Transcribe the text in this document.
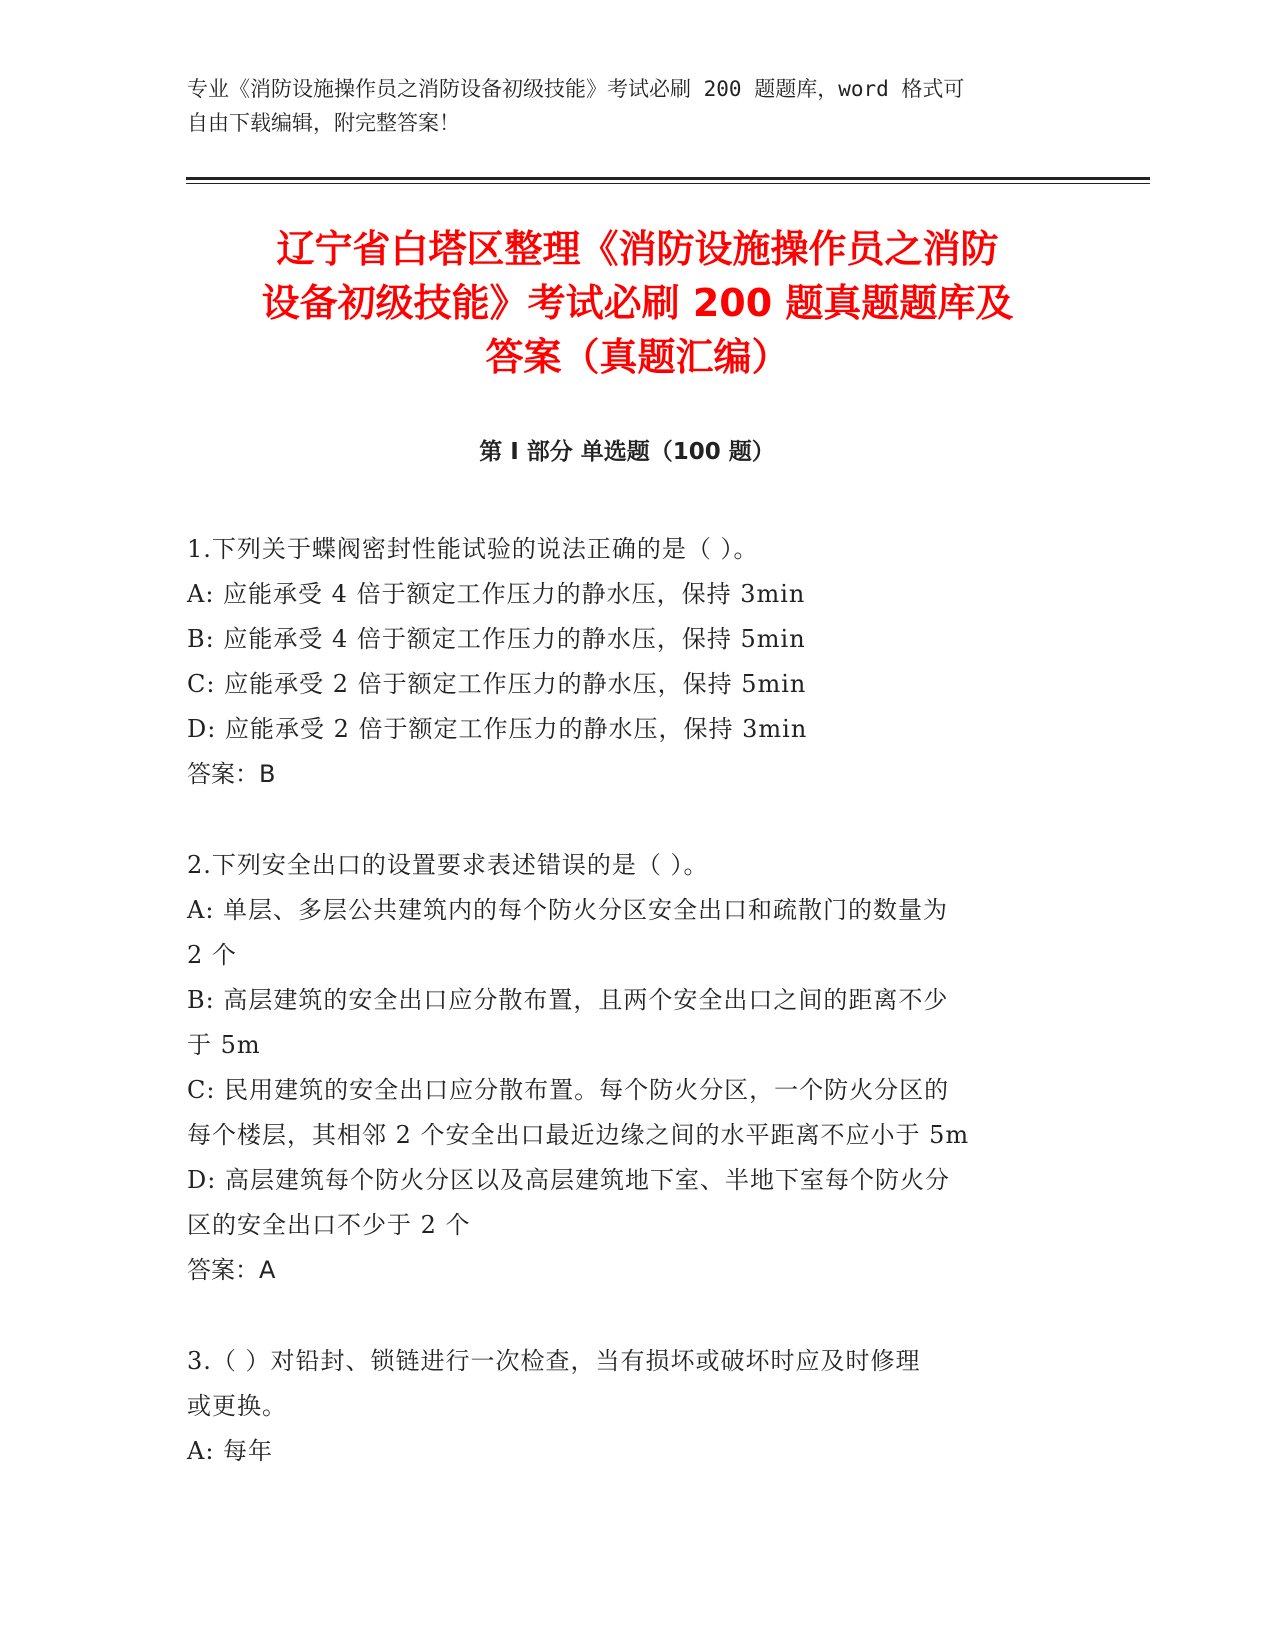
专业《消防设施操作员之消防设备初级技能》考试必刷 200 题题库，word 格式可
自由下载编辑，附完整答案！
辽宁省白塔区整理《消防设施操作员之消防
设备初级技能》考试必刷 200 题真题题库及
答案（真题汇编）
第 I 部分 单选题（100 题）
1.下列关于蝶阀密封性能试验的说法正确的是（ ）。
A: 应能承受 4 倍于额定工作压力的静水压，保持 3min
B: 应能承受 4 倍于额定工作压力的静水压，保持 5min
C: 应能承受 2 倍于额定工作压力的静水压，保持 5min
D: 应能承受 2 倍于额定工作压力的静水压，保持 3min
答案：B
2.下列安全出口的设置要求表述错误的是（ ）。
A: 单层、多层公共建筑内的每个防火分区安全出口和疏散门的数量为
2 个
B: 高层建筑的安全出口应分散布置，且两个安全出口之间的距离不少
于 5m
C: 民用建筑的安全出口应分散布置。每个防火分区，一个防火分区的
每个楼层，其相邻 2 个安全出口最近边缘之间的水平距离不应小于 5m
D: 高层建筑每个防火分区以及高层建筑地下室、半地下室每个防火分
区的安全出口不少于 2 个
答案：A
3.（ ）对铅封、锁链进行一次检查，当有损坏或破坏时应及时修理
或更换。
A: 每年
